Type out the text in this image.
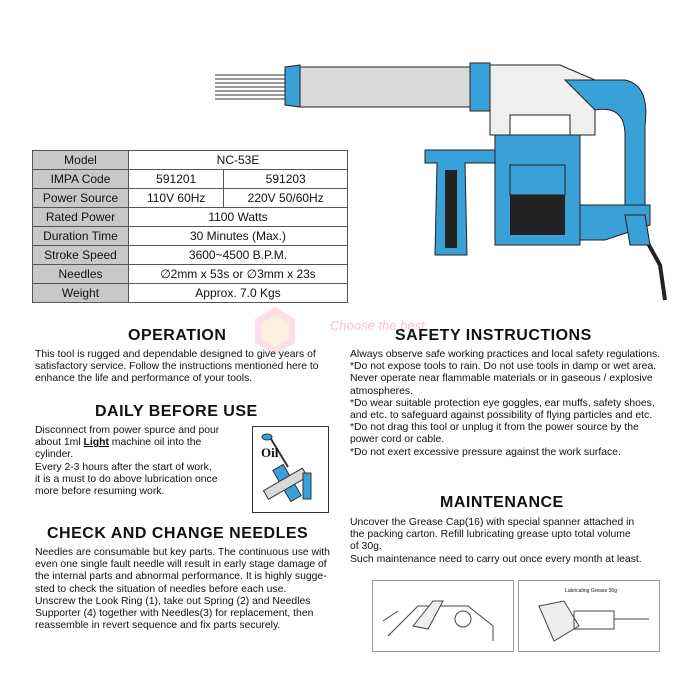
Model	NC-53E	
IMPA Code	591201	591203
Power Source	110V 60Hz	220V 50/60Hz
Rated Power	1100 Watts	
Duration Time	30 Minutes (Max.)	
Stroke Speed	3600~4500 B.P.M.	
Needles	∅2mm x 53s or ∅3mm x 23s	
Weight	Approx. 7.0 Kgs	
Choose the best
OPERATION
This tool is rugged and dependable designed to give years of
satisfactory service. Follow the instructions mentioned here to
enhance the life and performance of your tools.
DAILY BEFORE USE
Disconnect from power spurce and pour
about 1ml Light machine oil into the
cylinder.
Every 2-3 hours after the start of work,
it is a must to do above lubrication once
more before resuming work.
Oil
CHECK AND CHANGE NEEDLES
Needles are consumable but key parts. The continuous use with
even one single fault needle will result in early stage damage of
the internal parts and abnormal performance. It is highly sugge-
sted to check the situation of needles before each use.
Unscrew the Look Ring (1), take out Spring (2) and Needles
Supporter (4) together with Needles(3) for replacement, then
reassemble in revert sequence and fix parts securely.
SAFETY INSTRUCTIONS
Always observe safe working practices and local safety regulations.
*Do not expose tools to rain. Do not use tools in damp or wet area.
Never operate near flammable materials or in gaseous / explosive
atmospheres.
*Do wear suitable protection eye goggles, ear muffs, safety shoes,
and etc. to safeguard against possibility of flying particles and etc.
*Do not drag this tool or unplug it from the power source by the
power cord or cable.
*Do not exert excessive pressure against the work surface.
MAINTENANCE
Uncover the Grease Cap(16) with special spanner attached in
the packing carton. Refill lubricating grease upto total volume
of 30g.
Such maintenance need to carry out once every month at least.
Lubricating Grease 30g
